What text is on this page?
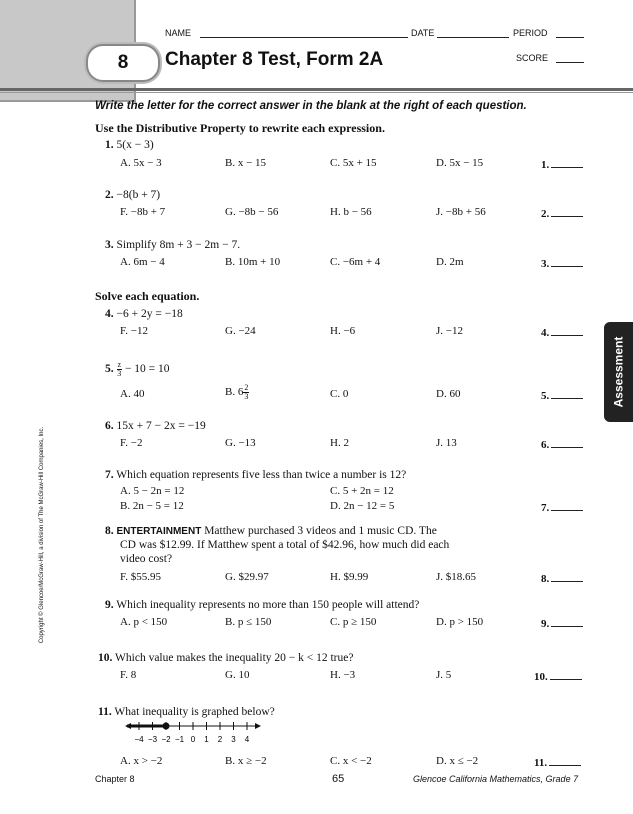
NAME	DATE	PERIOD
8	Chapter 8 Test, Form 2A	SCORE
Write the letter for the correct answer in the blank at the right of each question.
Use the Distributive Property to rewrite each expression.
1. 5(x − 3)
A. 5x − 3	B. x − 15	C. 5x + 15	D. 5x − 15	1.
2. −8(b + 7)
F. −8b + 7	G. −8b − 56	H. b − 56	J. −8b + 56	2.
3. Simplify 8m + 3 − 2m − 7.
A. 6m − 4	B. 10m + 10	C. −6m + 4	D. 2m	3.
Solve each equation.
4. −6 + 2y = −18
F. −12	G. −24	H. −6	J. −12	4.
5. $\frac{z}{3} - 10 = 10$
A. 40	B. $6 \frac{2}{3}$	C. 0	D. 60	5.
6. 15x + 7 − 2x = −19
F. −2	G. −13	H. 2	J. 13	6.
7. Which equation represents five less than twice a number is 12?
A. 5 − 2n = 12	C. 5 + 2n = 12
B. 2n − 5 = 12	D. 2n − 12 = 5	7.
8. ENTERTAINMENT Matthew purchased 3 videos and 1 music CD. The
CD was $12.99. If Matthew spent a total of $42.96, how much did each
video cost?
F. $55.95	G. $29.97	H. $9.99	J. $18.65	8.
9. Which inequality represents no more than 150 people will attend?
A. p < 150	B. p ≤ 150	C. p ≥ 150	D. p > 150	9.
10. Which value makes the inequality 20 − k < 12 true?
F. 8	G. 10	H. −3	J. 5	10.
11. What inequality is graphed below?
−4 −3 −2 −1 0 1 2 3 4
A. x > −2	B. x ≥ −2	C. x < −2	D. x ≤ −2	11.
Assessment
Copyright © Glencoe/McGraw-Hill, a division of The McGraw-Hill Companies, Inc.
Chapter 8	65	Glencoe California Mathematics, Grade 7
